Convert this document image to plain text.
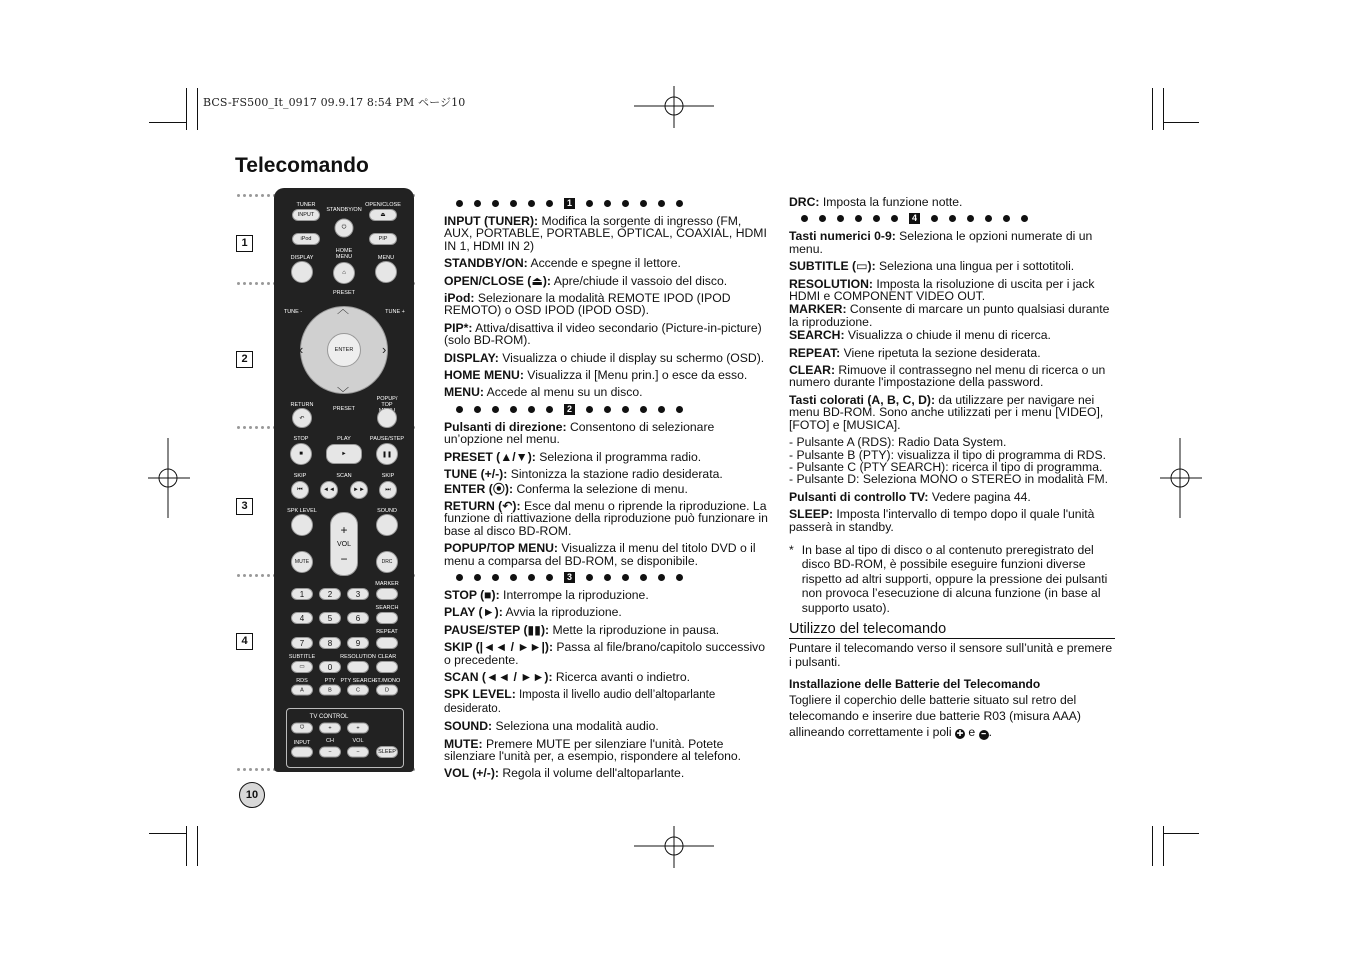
BCS-FS500_It_0917 09.9.17 8:54 PM ページ10
Telecomando
1
2
3
4
TUNER
INPUT
STANDBY/ON
⏻
OPEN/CLOSE
⏏
iPod	PIP
DISPLAY
HOME MENU
⌂
MENU
PRESET
TUNE -	TUNE +
ENTER
︿
﹀
‹	›
RETURN
↶
PRESET
POPUP/ TOP
STOP
■
PLAY
►
PAUSE/STEP
❚❚
SKIP	SCAN	SKIP
⏮	◄◄	►►	⏭
SPK LEVEL	SOUND
+
VOL
−
MUTE	DRC
MARKER
1	2	3
SEARCH
4	5	6
REPEAT
7	8	9
SUBTITLE	RESOLUTION CLEAR
▭	0
RDS	PTY PTY SEARCH
ST./MONO
A	B	C	D
TV CONTROL
⏻	+	+
INPUT	CH	VOL
−	−	SLEEP
10
1

INPUT (TUNER): Modifica la sorgente di ingresso (FM, AUX, PORTABLE, PORTABLE, OPTICAL, COAXIAL, HDMI IN 1, HDMI IN 2)

STANDBY/ON: Accende e spegne il lettore.

OPEN/CLOSE (⏏): Apre/chiude il vassoio del disco.

iPod: Selezionare la modalità REMOTE IPOD (IPOD REMOTO) o OSD IPOD (IPOD OSD).

PIP*: Attiva/disattiva il video secondario (Picture-in-picture) (solo BD-ROM).

DISPLAY: Visualizza o chiude il display su schermo (OSD).

HOME MENU: Visualizza il [Menu prin.] o esce da esso.

MENU: Accede al menu su un disco.

2

Pulsanti di direzione: Consentono di selezionare un’opzione nel menu.

PRESET (▲/▼): Seleziona il programma radio.

TUNE (+/-): Sintonizza la stazione radio desiderata.

ENTER (⦿): Conferma la selezione di menu.

RETURN (↶): Esce dal menu o riprende la riproduzione. La funzione di riattivazione della riproduzione può funzionare in base al disco BD-ROM.

POPUP/TOP MENU: Visualizza il menu del titolo DVD o il menu a comparsa del BD-ROM, se disponibile.

3

STOP (■): Interrompe la riproduzione.

PLAY (►): Avvia la riproduzione.

PAUSE/STEP (▮▮): Mette la riproduzione in pausa.

SKIP (|◄◄ / ►►|): Passa al file/brano/capitolo successivo o precedente.

SCAN (◄◄ / ►►): Ricerca avanti o indietro.

SPK LEVEL: Imposta il livello audio dell’altoparlante desiderato.

SOUND: Seleziona una modalità audio.

MUTE: Premere MUTE per silenziare l'unità. Potete silenziare l'unità per, a esempio, rispondere al telefono.

VOL (+/-): Regola il volume dell'altoparlante.

DRC: Imposta la funzione notte.

4

Tasti numerici 0-9: Seleziona le opzioni numerate di un menu.

SUBTITLE (▭): Seleziona una lingua per i sottotitoli.

RESOLUTION: Imposta la risoluzione di uscita per i jack HDMI e COMPONENT VIDEO OUT.

MARKER: Consente di marcare un punto qualsiasi durante la riproduzione.

SEARCH: Visualizza o chiude il menu di ricerca.

REPEAT: Viene ripetuta la sezione desiderata.

CLEAR: Rimuove il contrassegno nel menu di ricerca o un numero durante l'impostazione della password.

Tasti colorati (A, B, C, D): da utilizzare per navigare nei menu BD-ROM. Sono anche utilizzati per i menu [VIDEO], [FOTO] e [MUSICA].

- Pulsante A (RDS): Radio Data System.
- Pulsante B (PTY): visualizza il tipo di programma di RDS.
- Pulsante C (PTY SEARCH): ricerca il tipo di programma.
- Pulsante D: Seleziona MONO o STEREO in modalità FM.

Pulsanti di controllo TV: Vedere pagina 44.

SLEEP: Imposta l'intervallo di tempo dopo il quale l'unità passerà in standby.

* In base al tipo di disco o al contenuto preregistrato del disco BD-ROM, è possibile eseguire funzioni diverse rispetto ad altri supporti, oppure la pressione dei pulsanti non provoca l’esecuzione di alcuna funzione (in base al supporto usato).
Utilizzo del telecomando
Puntare il telecomando verso il sensore sull’unità e premere i pulsanti.
Installazione delle Batterie del Telecomando
Togliere il coperchio delle batterie situato sul retro del telecomando e inserire due batterie R03 (misura AAA) allineando correttamente i poli ✚ e ━ .
